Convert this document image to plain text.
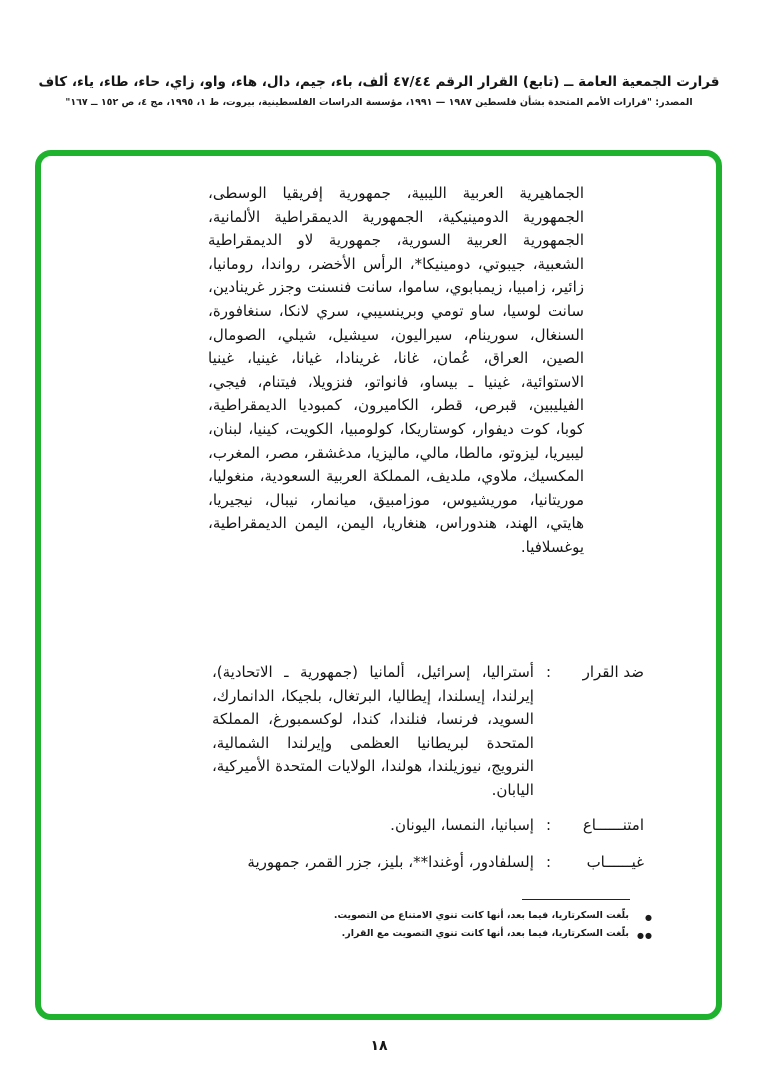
قرارت الجمعية العامة ــ (تابع) القرار الرقم ٤٧/٤٤ ألف، باء، جيم، دال، هاء، واو، زاي، حاء، طاء، ياء، كاف
المصدر: "قرارات الأمم المتحدة بشأن فلسطين ١٩٨٧ — ١٩٩١، مؤسسة الدراسات الفلسطينية، بيروت، ط ١، ١٩٩٥، مج ٤، ص ١٥٢ ــ ١٦٧"
الجماهيرية العربية الليبية، جمهورية إفريقيا الوسطى، الجمهورية الدومينيكية، الجمهورية الديمقراطية الألمانية، الجمهورية العربية السورية، جمهورية لاو الديمقراطية الشعبية، جيبوتي، دومينيكا*، الرأس الأخضر، رواندا، رومانيا، زائير، زامبيا، زيمبابوي، ساموا، سانت فنسنت وجزر غرينادين، سانت لوسيا، ساو تومي وبرينسيبي، سري لانكا، سنغافورة، السنغال، سورينام، سيراليون، سيشيل، شيلي، الصومال، الصين، العراق، عُمان، غانا، غرينادا، غيانا، غينيا، غينيا الاستوائية، غينيا ـ بيساو، فانواتو، فنزويلا، فيتنام، فيجي، الفيليبين، قبرص، قطر، الكاميرون، كمبوديا الديمقراطية، كوبا، كوت ديفوار، كوستاريكا، كولومبيا، الكويت، كينيا، لبنان، ليبيريا، ليزوتو، مالطا، مالي، ماليزيا، مدغشقر، مصر، المغرب، المكسيك، ملاوي، ملديف، المملكة العربية السعودية، منغوليا، موريتانيا، موريشيوس، موزامبيق، ميانمار، نيبال، نيجيريا، هايتي، الهند، هندوراس، هنغاريا، اليمن، اليمن الديمقراطية، يوغسلافيا.
ضد القرار
:
أستراليا، إسرائيل، ألمانيا (جمهورية ـ الاتحادية)، إيرلندا، إيسلندا، إيطاليا، البرتغال، بلجيكا، الدانمارك، السويد، فرنسا، فنلندا، كندا، لوكسمبورغ، المملكة المتحدة لبريطانيا العظمى وإيرلندا الشمالية، النرويج، نيوزيلندا، هولندا، الولايات المتحدة الأميركية، اليابان.
امتنــــــاع
:
إسبانيا، النمسا، اليونان.
غيــــــاب
:
إلسلفادور، أوغندا**، بليز، جزر القمر، جمهورية
●
بلّغت السكرتاريا، فيما بعد، أنها كانت تنوي الامتناع من التصويت.
●●
بلّغت السكرتاريا، فيما بعد، أنها كانت تنوي التصويت مع القرار.
١٨
